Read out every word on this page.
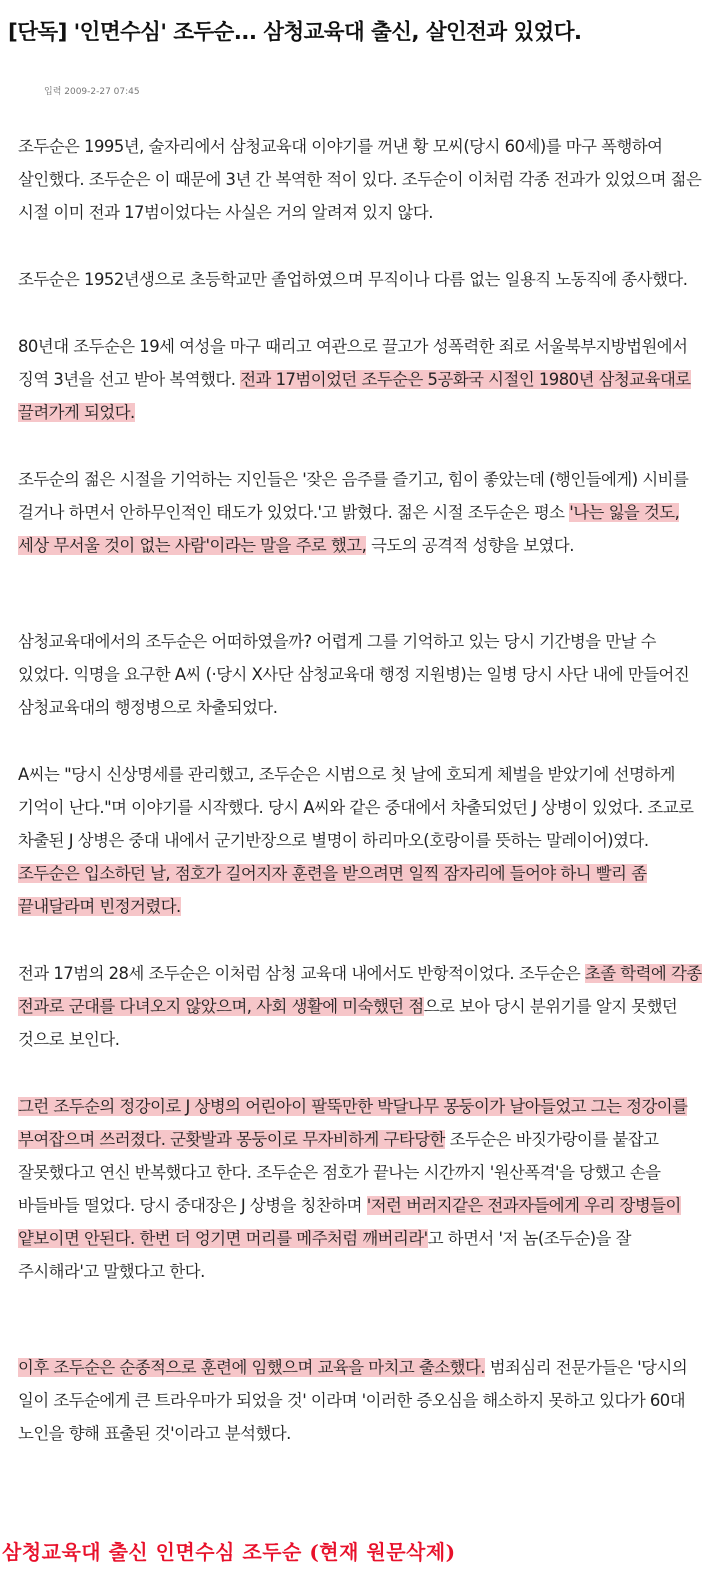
[단독] '인면수심' 조두순... 삼청교육대 출신, 살인전과 있었다.

입력 2009-2-27 07:45

조두순은 1995년, 술자리에서 삼청교육대 이야기를 꺼낸 황 모씨(당시 60세)를 마구 폭행하여 살인했다. 조두순은 이 때문에 3년 간 복역한 적이 있다. 조두순이 이처럼 각종 전과가 있었으며 젊은 시절 이미 전과 17범이었다는 사실은 거의 알려져 있지 않다.

조두순은 1952년생으로 초등학교만 졸업하였으며 무직이나 다름 없는 일용직 노동직에 종사했다.

80년대 조두순은 19세 여성을 마구 때리고 여관으로 끌고가 성폭력한 죄로 서울북부지방법원에서 징역 3년을 선고 받아 복역했다. 전과 17범이었던 조두순은 5공화국 시절인 1980년 삼청교육대로 끌려가게 되었다.

조두순의 젊은 시절을 기억하는 지인들은 '잦은 음주를 즐기고, 힘이 좋았는데 (행인들에게) 시비를 걸거나 하면서 안하무인적인 태도가 있었다.'고 밝혔다. 젊은 시절 조두순은 평소 '나는 잃을 것도, 세상 무서울 것이 없는 사람'이라는 말을 주로 했고, 극도의 공격적 성향을 보였다.

삼청교육대에서의 조두순은 어떠하였을까? 어렵게 그를 기억하고 있는 당시 기간병을 만날 수 있었다. 익명을 요구한 A씨 (·당시 X사단 삼청교육대 행정 지원병)는 일병 당시 사단 내에 만들어진 삼청교육대의 행정병으로 차출되었다.

A씨는 "당시 신상명세를 관리했고, 조두순은 시범으로 첫 날에 호되게 체벌을 받았기에 선명하게 기억이 난다."며 이야기를 시작했다. 당시 A씨와 같은 중대에서 차출되었던 J 상병이 있었다. 조교로 차출된 J 상병은 중대 내에서 군기반장으로 별명이 하리마오(호랑이를 뜻하는 말레이어)였다. 조두순은 입소하던 날, 점호가 길어지자 훈련을 받으려면 일찍 잠자리에 들어야 하니 빨리 좀 끝내달라며 빈정거렸다.

전과 17범의 28세 조두순은 이처럼 삼청 교육대 내에서도 반항적이었다. 조두순은 초졸 학력에 각종 전과로 군대를 다녀오지 않았으며, 사회 생활에 미숙했던 점으로 보아 당시 분위기를 알지 못했던 것으로 보인다.

그런 조두순의 정강이로 J 상병의 어린아이 팔뚝만한 박달나무 몽둥이가 날아들었고 그는 정강이를 부여잡으며 쓰러졌다. 군홧발과 몽둥이로 무자비하게 구타당한 조두순은 바짓가랑이를 붙잡고 잘못했다고 연신 반복했다고 한다. 조두순은 점호가 끝나는 시간까지 '원산폭격'을 당했고 손을 바들바들 떨었다. 당시 중대장은 J 상병을 칭찬하며 '저런 버러지같은 전과자들에게 우리 장병들이 얕보이면 안된다. 한번 더 엉기면 머리를 메주처럼 깨버리라'고 하면서 '저 놈(조두순)을 잘 주시해라'고 말했다고 한다.

이후 조두순은 순종적으로 훈련에 임했으며 교육을 마치고 출소했다. 범죄심리 전문가들은 '당시의 일이 조두순에게 큰 트라우마가 되었을 것' 이라며 '이러한 증오심을 해소하지 못하고 있다가 60대 노인을 향해 표출된 것'이라고 분석했다.

삼청교육대 출신 인면수심 조두순 (현재 원문삭제)
